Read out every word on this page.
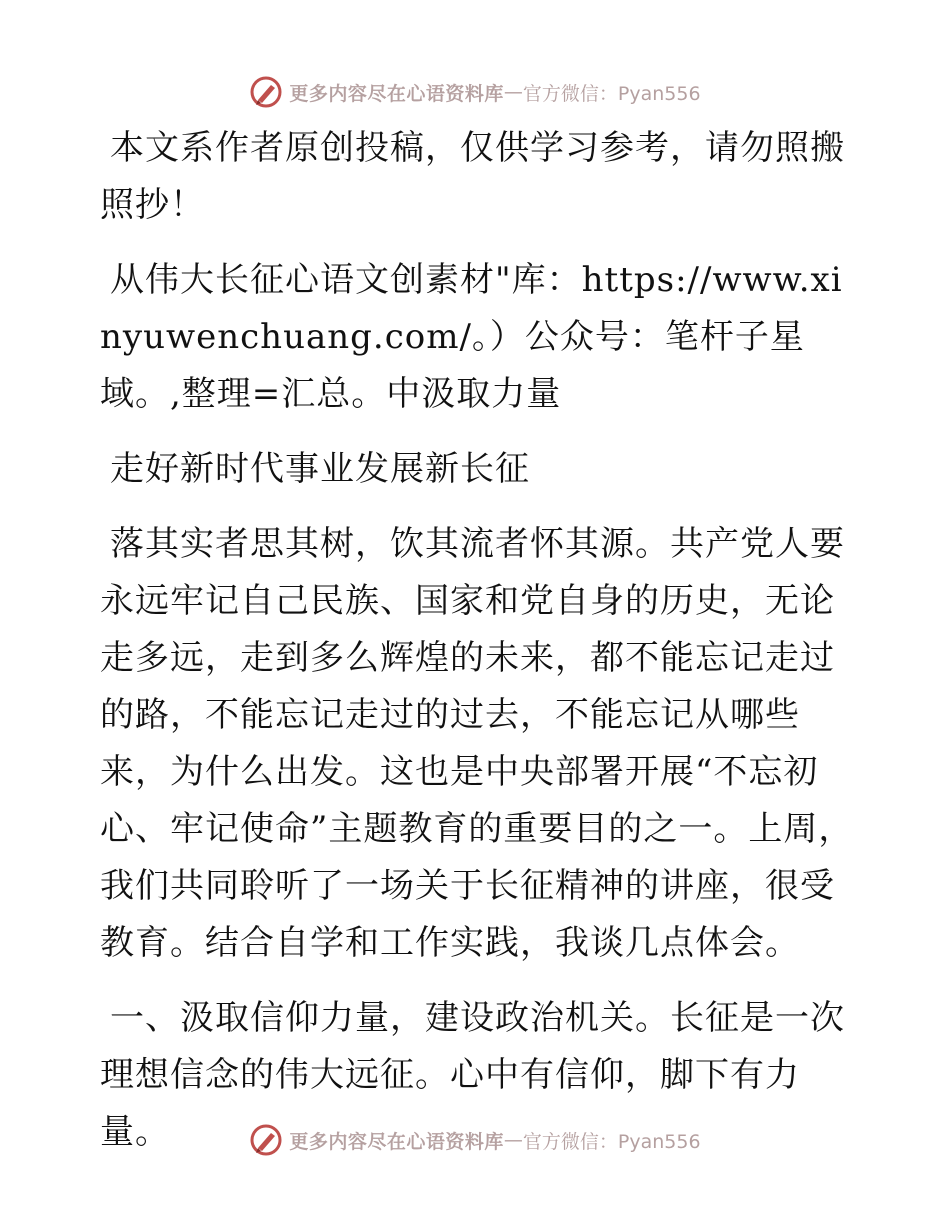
更多内容尽在心语资料库 — 官方微信：Pyan556

本文系作者原创投稿，仅供学习参考，请勿照搬照抄！

从伟大长征心语文创素材"库：https://www.xinyuwenchuang.com/。）公众号：笔杆子星域。,整理=汇总。中汲取力量

走好新时代事业发展新长征

落其实者思其树，饮其流者怀其源。共产党人要永远牢记自己民族、国家和党自身的历史，无论走多远，走到多么辉煌的未来，都不能忘记走过的路，不能忘记走过的过去，不能忘记从哪些来，为什么出发。这也是中央部署开展“不忘初心、牢记使命”主题教育的重要目的之一。上周，我们共同聆听了一场关于长征精神的讲座，很受教育。结合自学和工作实践，我谈几点体会。

一、汲取信仰力量，建设政治机关。长征是一次理想信念的伟大远征。心中有信仰，脚下有力量。	更多内容尽在心语资料库 — 官方微信：Pyan556
